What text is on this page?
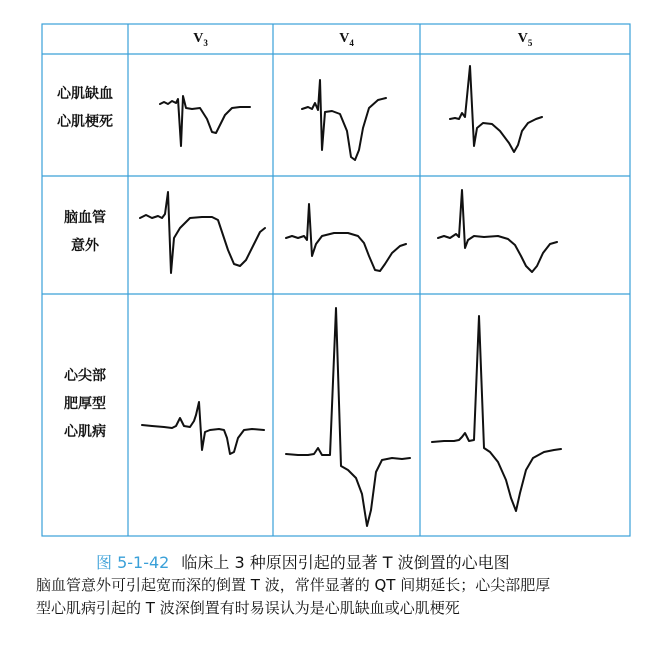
$V_3$	$V_4$	$V_5$
心肌缺血
心肌梗死
脑血管
意外
心尖部
肥厚型
心肌病
图 5-1-42 临床上 3 种原因引起的显著 T 波倒置的心电图
脑血管意外可引起宽而深的倒置 T 波，常伴显著的 QT 间期延长；心尖部肥厚
型心肌病引起的 T 波深倒置有时易误认为是心肌缺血或心肌梗死
